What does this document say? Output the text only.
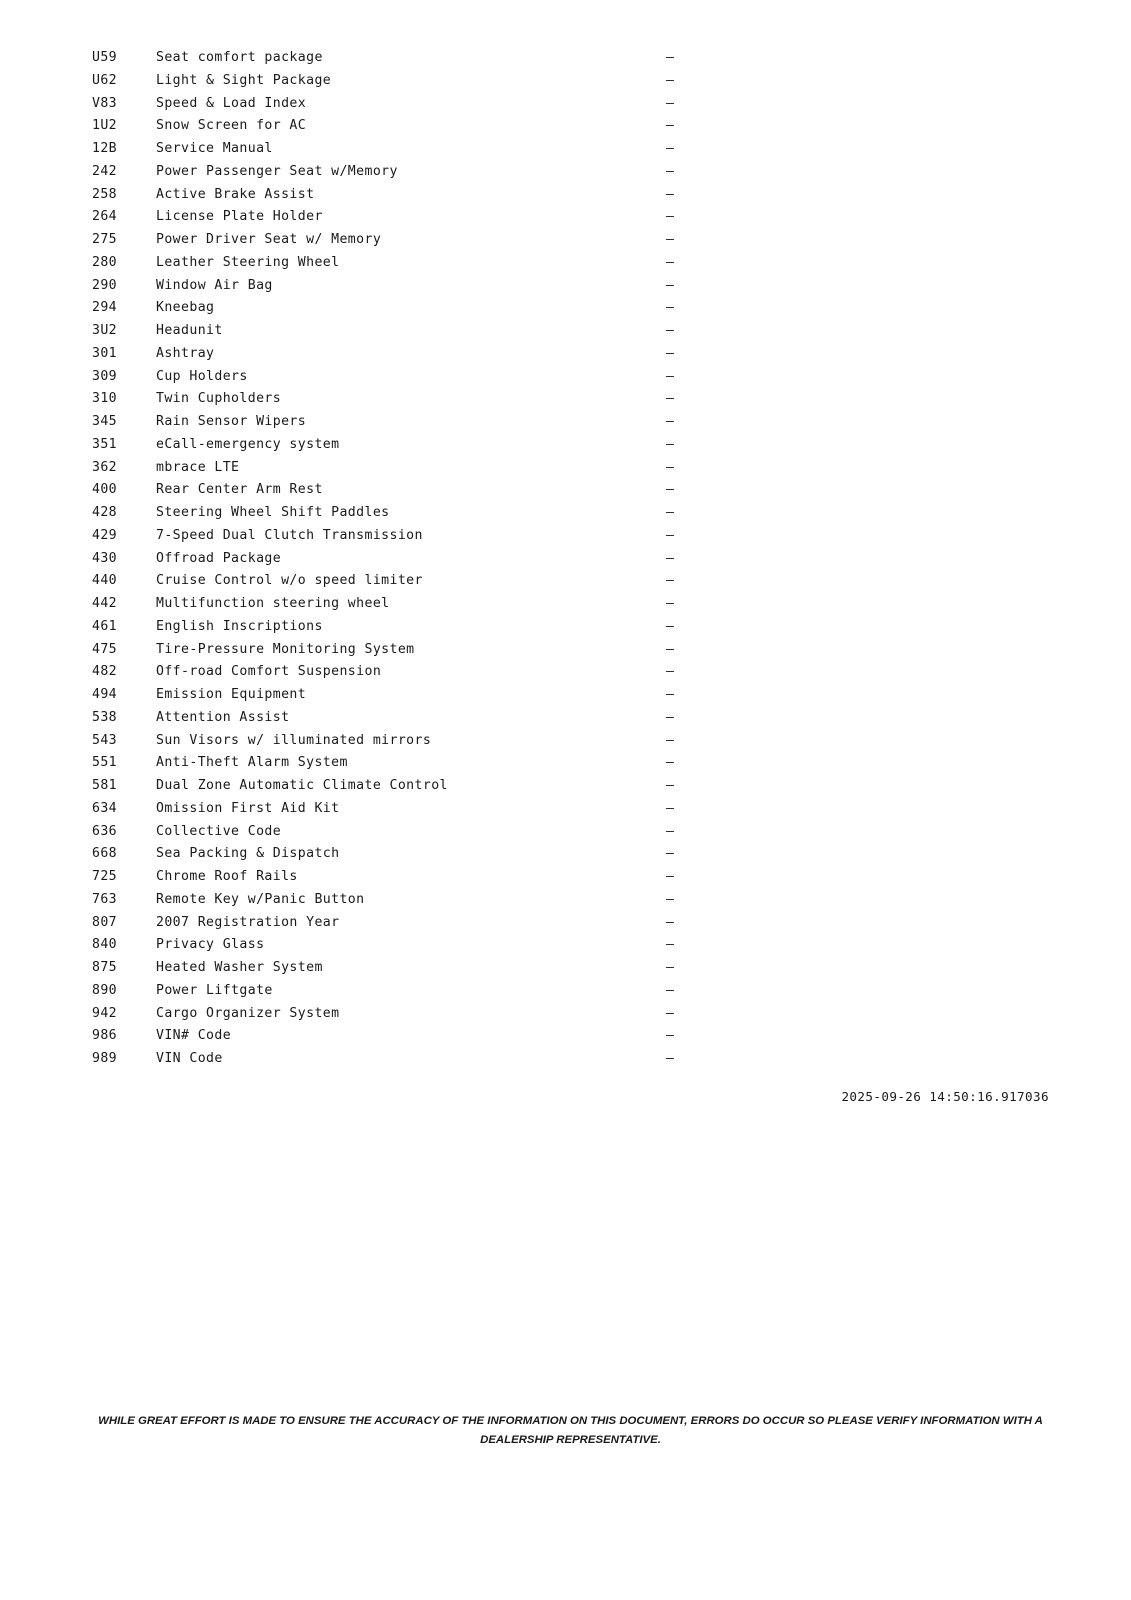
U59	Seat comfort package	—
U62	Light & Sight Package	—
V83	Speed & Load Index	—
1U2	Snow Screen for AC	—
12B	Service Manual	—
242	Power Passenger Seat w/Memory	—
258	Active Brake Assist	—
264	License Plate Holder	—
275	Power Driver Seat w/ Memory	—
280	Leather Steering Wheel	—
290	Window Air Bag	—
294	Kneebag	—
3U2	Headunit	—
301	Ashtray	—
309	Cup Holders	—
310	Twin Cupholders	—
345	Rain Sensor Wipers	—
351	eCall-emergency system	—
362	mbrace LTE	—
400	Rear Center Arm Rest	—
428	Steering Wheel Shift Paddles	—
429	7-Speed Dual Clutch Transmission	—
430	Offroad Package	—
440	Cruise Control w/o speed limiter	—
442	Multifunction steering wheel	—
461	English Inscriptions	—
475	Tire-Pressure Monitoring System	—
482	Off-road Comfort Suspension	—
494	Emission Equipment	—
538	Attention Assist	—
543	Sun Visors w/ illuminated mirrors	—
551	Anti-Theft Alarm System	—
581	Dual Zone Automatic Climate Control	—
634	Omission First Aid Kit	—
636	Collective Code	—
668	Sea Packing & Dispatch	—
725	Chrome Roof Rails	—
763	Remote Key w/Panic Button	—
807	2007 Registration Year	—
840	Privacy Glass	—
875	Heated Washer System	—
890	Power Liftgate	—
942	Cargo Organizer System	—
986	VIN# Code	—
989	VIN Code	—
2025-09-26 14:50:16.917036
WHILE GREAT EFFORT IS MADE TO ENSURE THE ACCURACY OF THE INFORMATION ON THIS DOCUMENT, ERRORS DO OCCUR SO PLEASE VERIFY INFORMATION WITH A DEALERSHIP REPRESENTATIVE.
